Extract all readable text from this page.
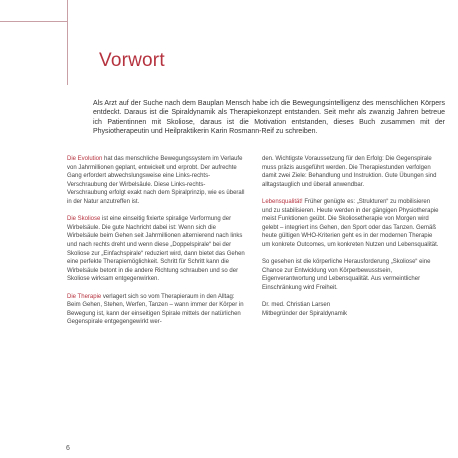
Vorwort

Als Arzt auf der Suche nach dem Bauplan Mensch habe ich die Bewegungsintelligenz des menschlichen Körpers entdeckt. Daraus ist die Spiraldynamik als Therapiekonzept entstanden. Seit mehr als zwanzig Jahren betreue ich Patientinnen mit Skoliose, daraus ist die Motivation entstanden, dieses Buch zusammen mit der Physiotherapeutin und Heilpraktikerin Karin Rosmann-Reif zu schreiben.

Die Evolution hat das menschliche Bewegungssystem im Verlaufe von Jahrmillionen geplant, entwickelt und erprobt. Der aufrechte Gang erfordert abwechslungsweise eine Links-rechts-Verschraubung der Wirbelsäule. Diese Links-rechts-Verschraubung erfolgt exakt nach dem Spiralprinzip, wie es überall in der Natur anzutreffen ist.

Die Skoliose ist eine einseitig fixierte spiralige Verformung der Wirbelsäule. Die gute Nachricht dabei ist: Wenn sich die Wirbelsäule beim Gehen seit Jahrmillionen alternierend nach links und nach rechts dreht und wenn diese „Doppelspirale“ bei der Skoliose zur „Einfachspirale“ reduziert wird, dann bietet das Gehen eine perfekte Therapiemöglichkeit. Schritt für Schritt kann die Wirbelsäule betont in die andere Richtung schrauben und so der Skoliose wirksam entgegenwirken.

Die Therapie verlagert sich so vom Therapieraum in den Alltag: Beim Gehen, Stehen, Werfen, Tanzen – wann immer der Körper in Bewegung ist, kann der einseitigen Spirale mittels der natürlichen Gegenspirale entgegengewirkt wer-

den. Wichtigste Voraussetzung für den Erfolg: Die Gegenspirale muss präzis ausgeführt werden. Die Therapiestunden verfolgen damit zwei Ziele: Behandlung und Instruktion. Gute Übungen sind alltagstauglich und überall anwendbar.

Lebensqualität! Früher genügte es: „Strukturen“ zu mobilisieren und zu stabilisieren. Heute werden in der gängigen Physiotherapie meist Funktionen geübt. Die Skoliosetherapie von Morgen wird gelebt – integriert ins Gehen, den Sport oder das Tanzen. Gemäß heute gültigen WHO-Kriterien geht es in der modernen Therapie um konkrete Outcomes, um konkreten Nutzen und Lebensqualität.

So gesehen ist die körperliche Herausforderung „Skoliose“ eine Chance zur Entwicklung von Körperbewusstsein, Eigenverantwortung und Lebensqualität. Aus vermeintlicher Einschränkung wird Freiheit.

Dr. med. Christian Larsen
Mitbegründer der Spiraldynamik
6
